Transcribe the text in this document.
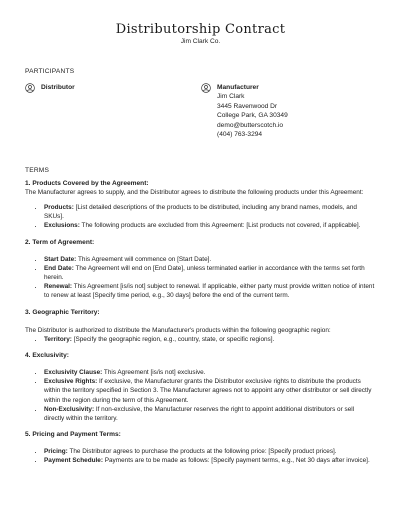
Distributorship Contract
Jim Clark Co.
PARTICIPANTS
Distributor	Manufacturer
Jim Clark
3445 Ravenwood Dr
College Park, GA 30349
demo@butterscotch.io
(404) 763-3294
TERMS
1. Products Covered by the Agreement:

The Manufacturer agrees to supply, and the Distributor agrees to distribute the following products under this Agreement:

• Products: [List detailed descriptions of the products to be distributed, including any brand names, models, and SKUs].
• Exclusions: The following products are excluded from this Agreement: [List products not covered, if applicable].
2. Term of Agreement:
• Start Date: This Agreement will commence on [Start Date].
• End Date: The Agreement will end on [End Date], unless terminated earlier in accordance with the terms set forth herein.
• Renewal: This Agreement [is/is not] subject to renewal. If applicable, either party must provide written notice of intent to renew at least [Specify time period, e.g., 30 days] before the end of the current term.
3. Geographic Territory:

The Distributor is authorized to distribute the Manufacturer's products within the following geographic region:

• Territory: [Specify the geographic region, e.g., country, state, or specific regions].
4. Exclusivity:
• Exclusivity Clause: This Agreement [is/is not] exclusive.
• Exclusive Rights: If exclusive, the Manufacturer grants the Distributor exclusive rights to distribute the products within the territory specified in Section 3. The Manufacturer agrees not to appoint any other distributor or sell directly within the region during the term of this Agreement.
• Non-Exclusivity: If non-exclusive, the Manufacturer reserves the right to appoint additional distributors or sell directly within the territory.
5. Pricing and Payment Terms:
• Pricing: The Distributor agrees to purchase the products at the following price: [Specify product prices].
• Payment Schedule: Payments are to be made as follows: [Specify payment terms, e.g., Net 30 days after invoice].
